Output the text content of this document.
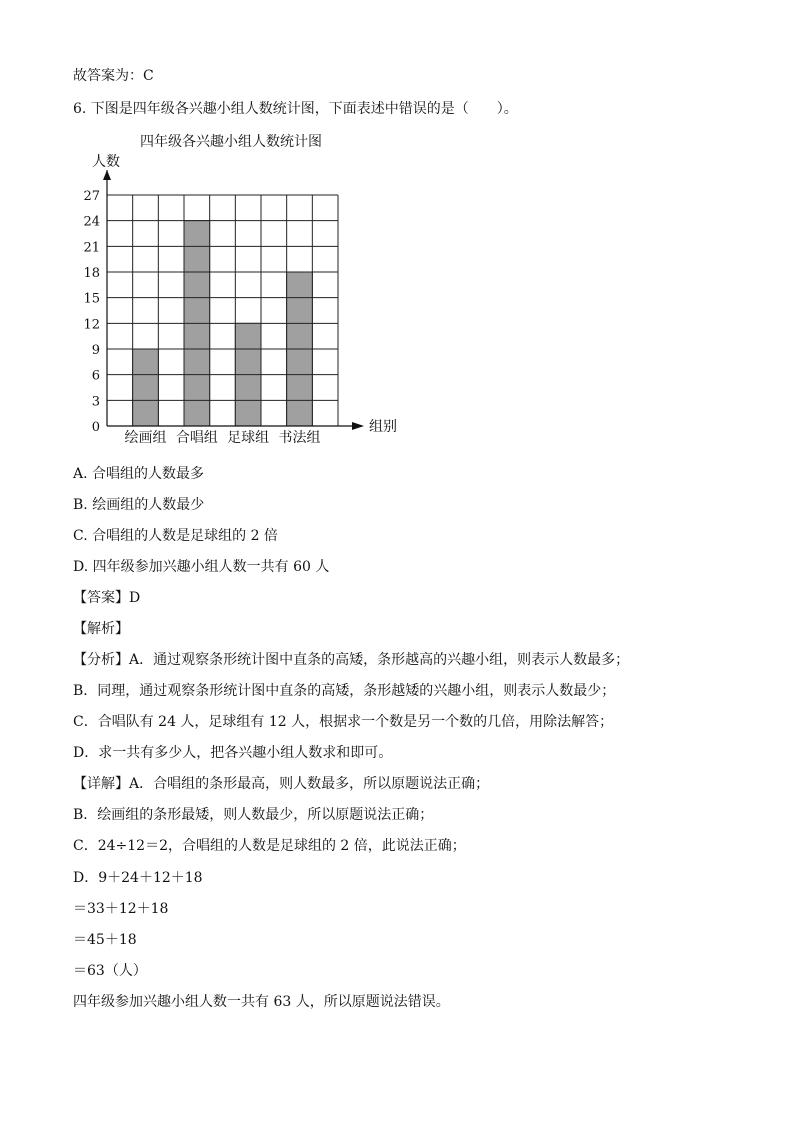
故答案为：C
6. 下图是四年级各兴趣小组人数统计图，下面表述中错误的是（　　）。
四年级各兴趣小组人数统计图
0
3
6
9
12
15
18
21
24
27
人数
组别
绘画组 合唱组 足球组 书法组
A. 合唱组的人数最多
B. 绘画组的人数最少
C. 合唱组的人数是足球组的 2 倍
D. 四年级参加兴趣小组人数一共有 60 人
【答案】D
【解析】
【分析】A．通过观察条形统计图中直条的高矮，条形越高的兴趣小组，则表示人数最多；
B．同理，通过观察条形统计图中直条的高矮，条形越矮的兴趣小组，则表示人数最少；
C．合唱队有 24 人，足球组有 12 人，根据求一个数是另一个数的几倍，用除法解答；
D．求一共有多少人，把各兴趣小组人数求和即可。
【详解】A．合唱组的条形最高，则人数最多，所以原题说法正确；
B．绘画组的条形最矮，则人数最少，所以原题说法正确；
C．24÷12＝2，合唱组的人数是足球组的 2 倍，此说法正确；
D．9＋24＋12＋18
＝33＋12＋18
＝45＋18
＝63（人）
四年级参加兴趣小组人数一共有 63 人，所以原题说法错误。
